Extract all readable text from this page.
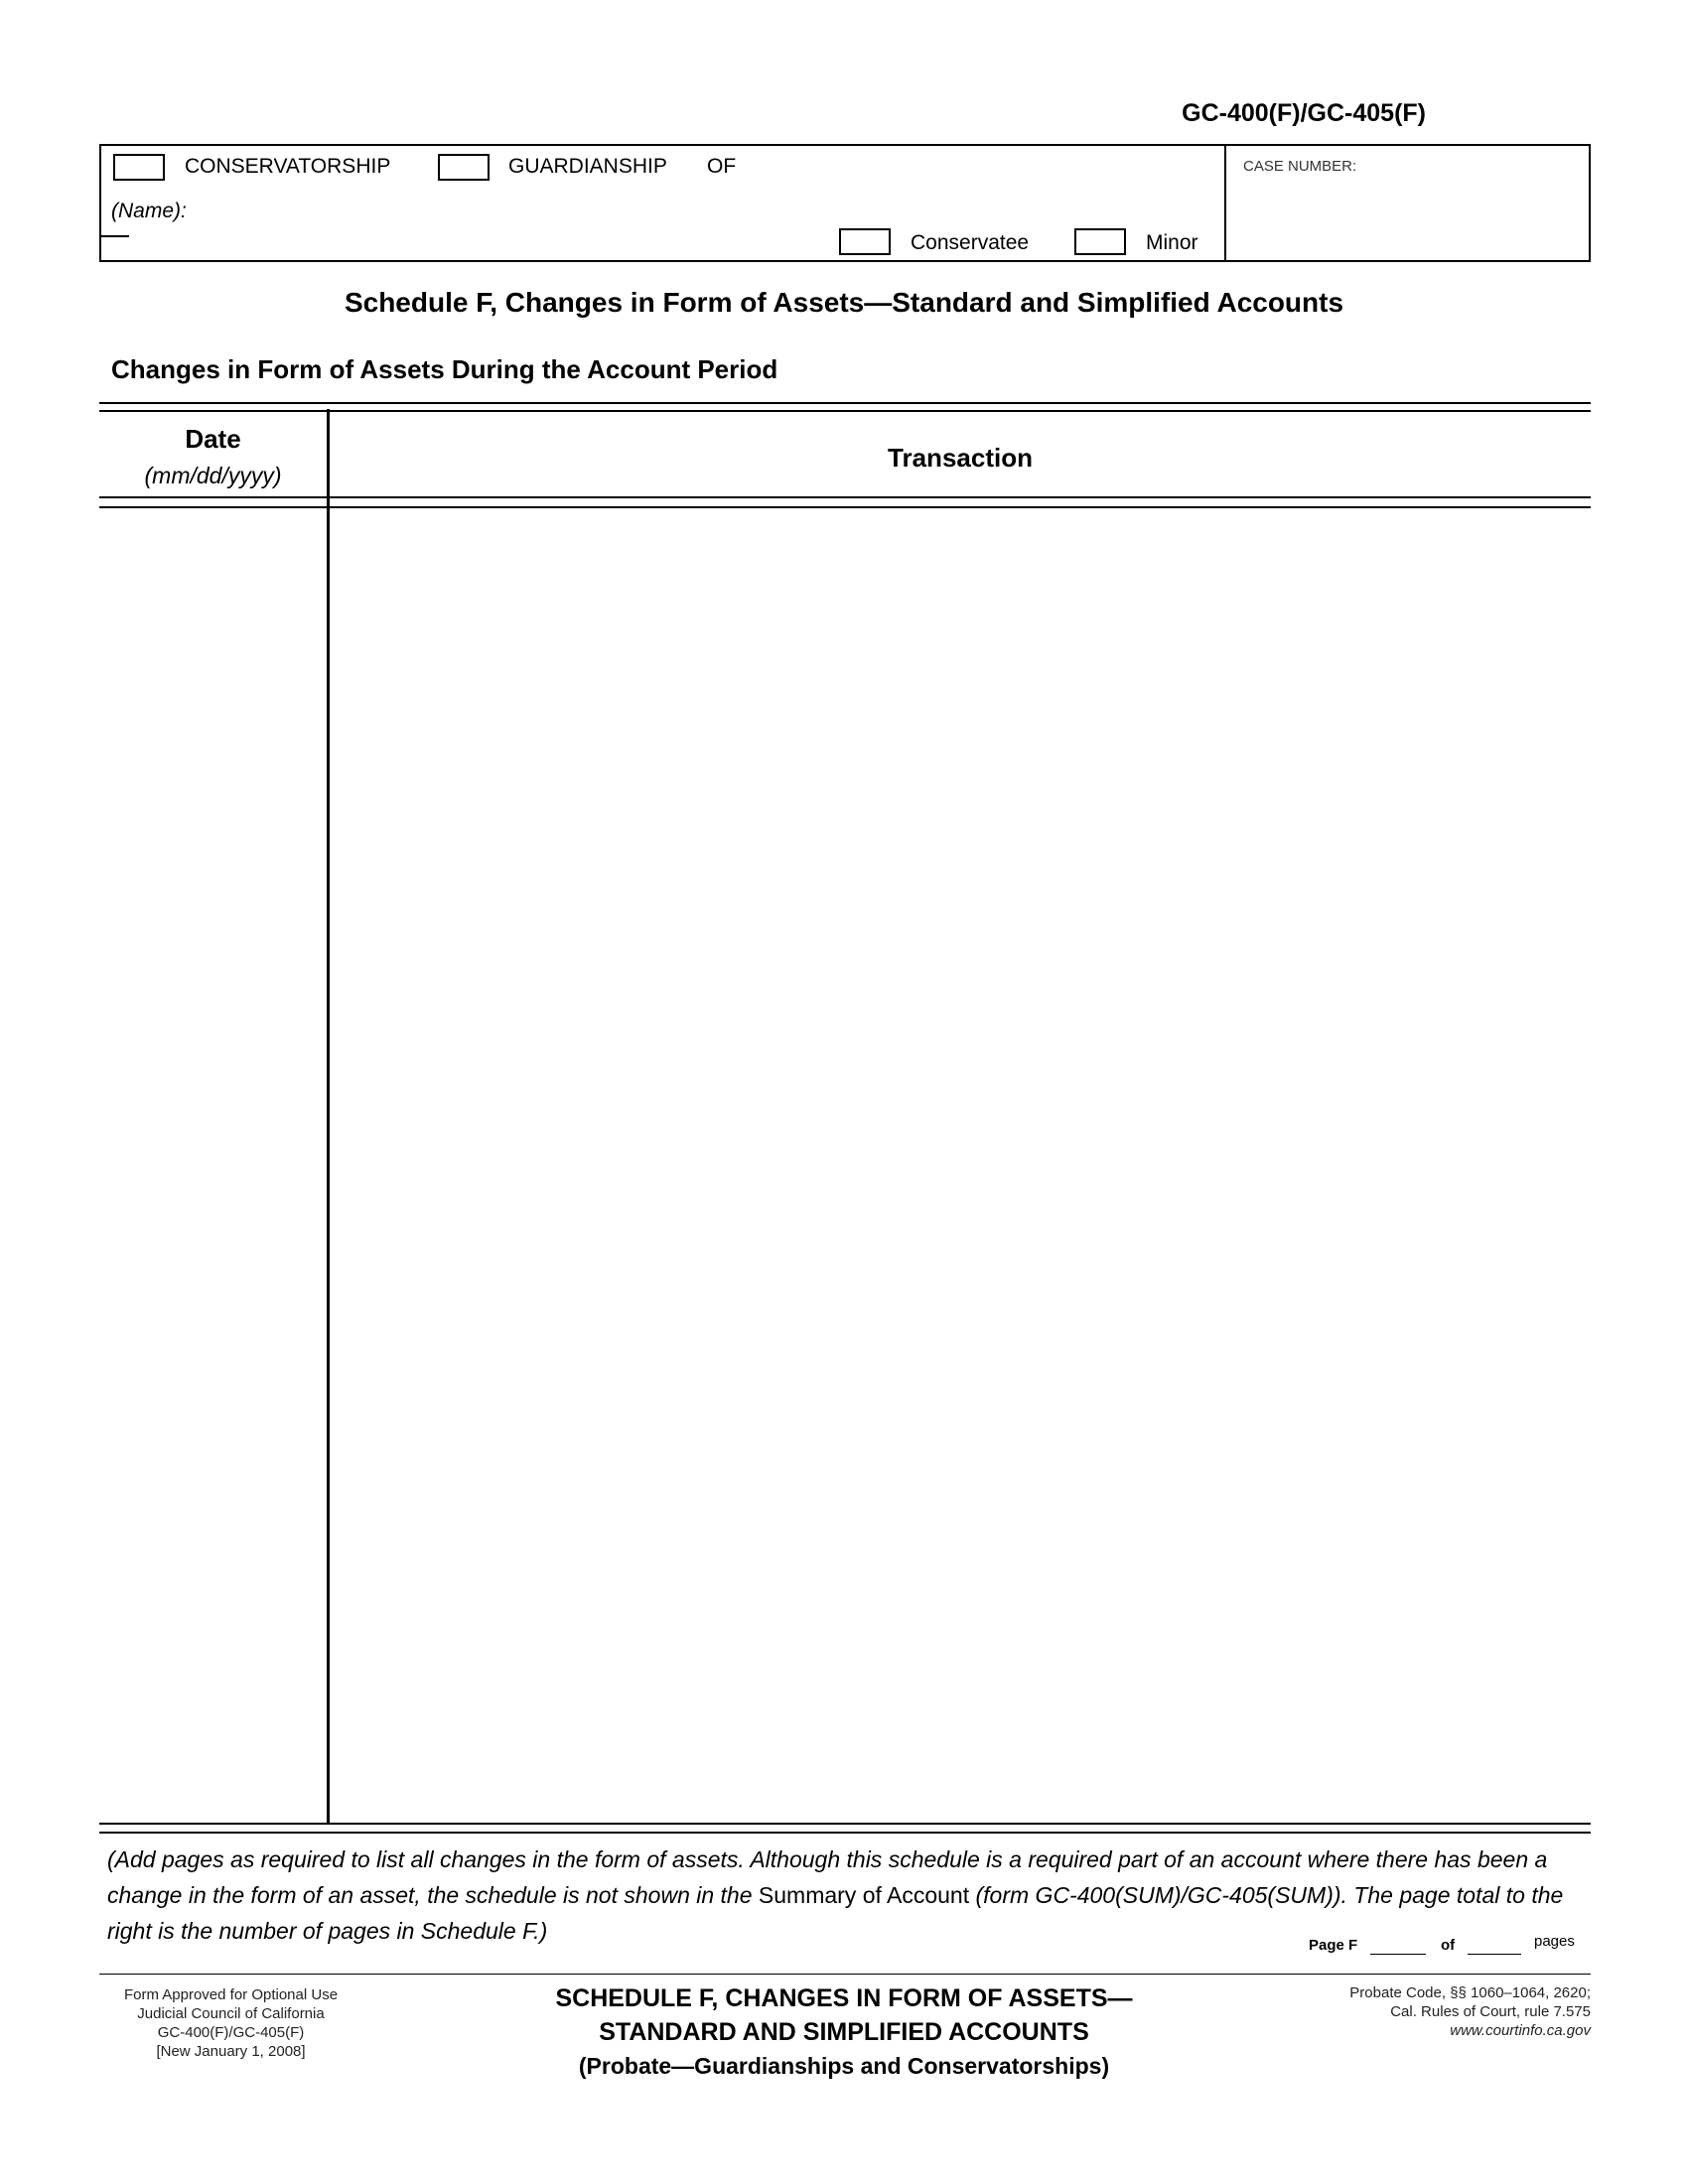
GC-400(F)/GC-405(F)
CONSERVATORSHIP	GUARDIANSHIP OF
(Name):
Conservatee	Minor
CASE NUMBER:
Schedule F, Changes in Form of Assets—Standard and Simplified Accounts
Changes in Form of Assets During the Account Period
Date
(mm/dd/yyyy)
Transaction
(Add pages as required to list all changes in the form of assets. Although this schedule is a required part of an account where there has been a change in the form of an asset, the schedule is not shown in the Summary of Account (form GC-400(SUM)/GC-405(SUM)). The page total to the right is the number of pages in Schedule F.)
Page F	of	pages
Form Approved for Optional Use
Judicial Council of California
GC-400(F)/GC-405(F)
[New January 1, 2008]
SCHEDULE F, CHANGES IN FORM OF ASSETS—
STANDARD AND SIMPLIFIED ACCOUNTS
(Probate—Guardianships and Conservatorships)
Probate Code, §§ 1060–1064, 2620;
Cal. Rules of Court, rule 7.575
www.courtinfo.ca.gov
